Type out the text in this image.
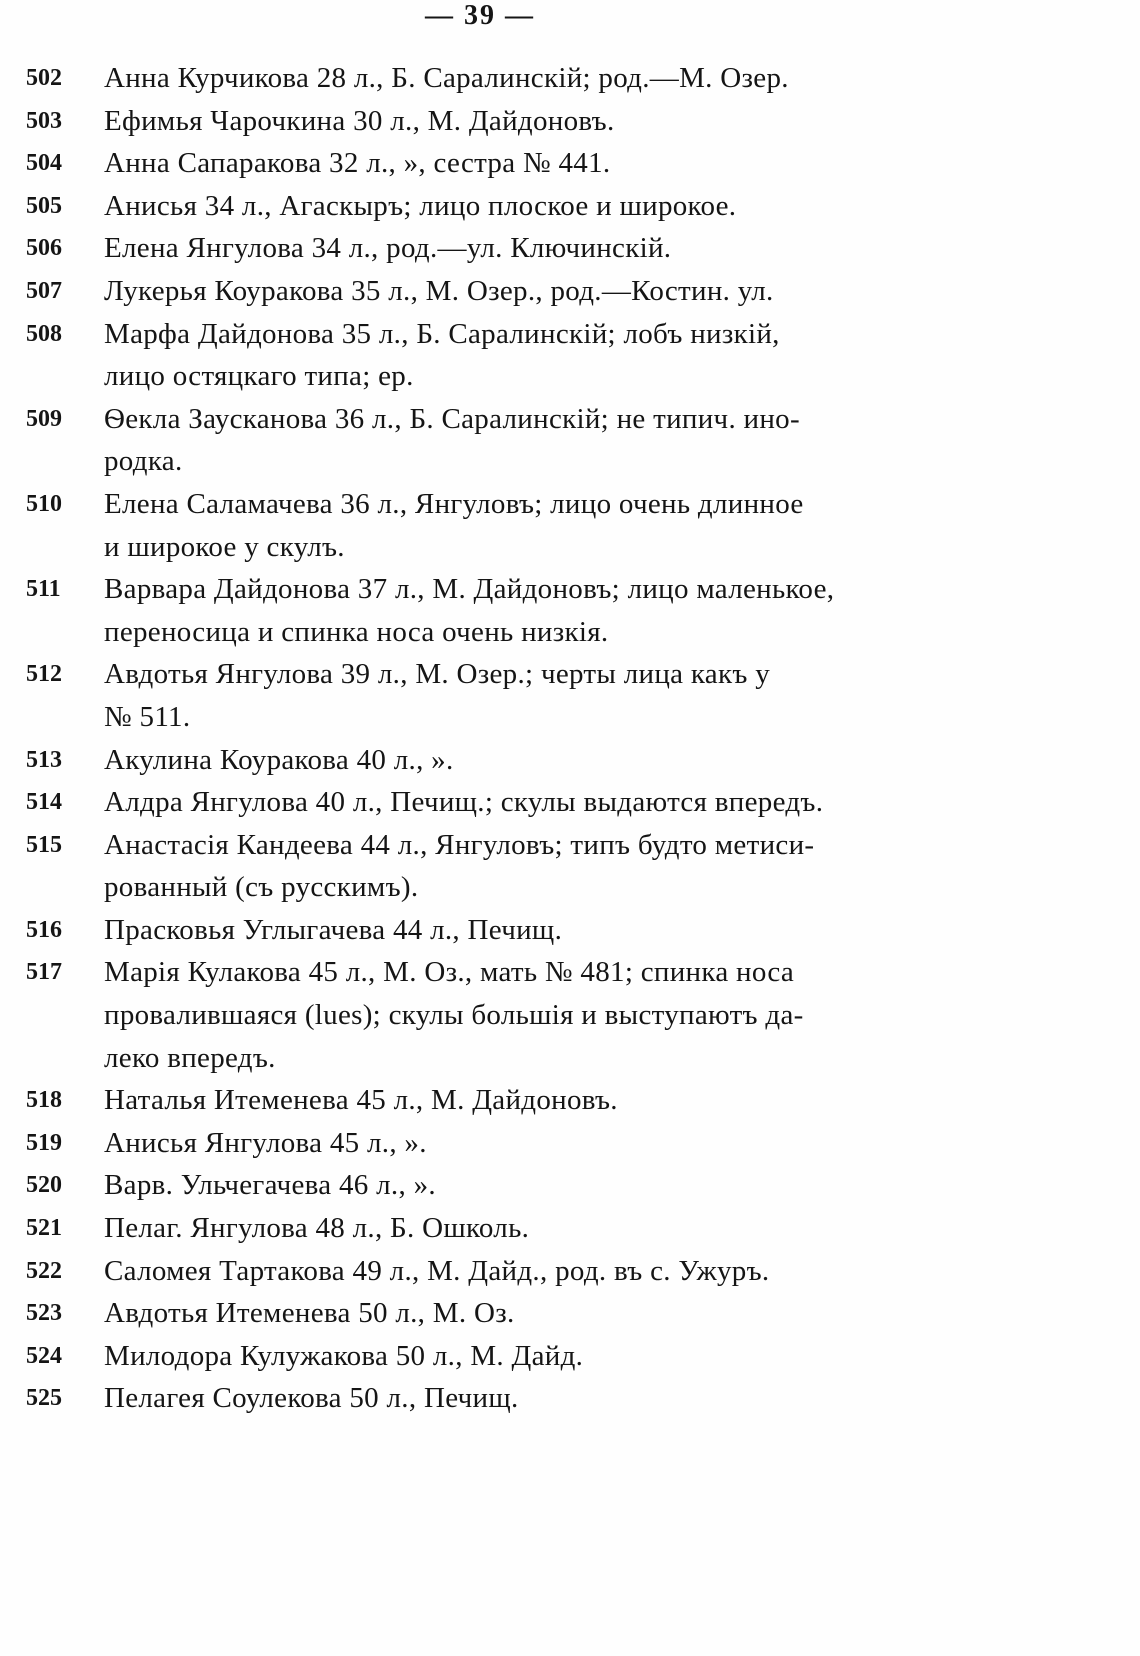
— 39 —
502	Анна Курчикова 28 л., Б. Саралинскій; род.—М. Озер.
503	Ефимья Чарочкина 30 л., М. Дайдоновъ.
504	Анна Сапаракова 32 л., », сестра № 441.
505	Анисья 34 л., Агаскыръ; лицо плоское и широкое.
506	Елена Янгулова 34 л., род.—ул. Ключинскій.
507	Лукерья Коуракова 35 л., М. Озер., род.—Костин. ул.
508	Марфа Дайдонова 35 л., Б. Саралинскій; лобъ низкій,
лицо остяцкаго типа; ер.
509	Ѳекла Заусканова 36 л., Б. Саралинскій; не типич. ино-
родка.
510	Елена Саламачева 36 л., Янгуловъ; лицо очень длинное
и широкое у скулъ.
511	Варвара Дайдонова 37 л., М. Дайдоновъ; лицо маленькое,
переносица и спинка носа очень низкія.
512	Авдотья Янгулова 39 л., М. Озер.; черты лица какъ у
№ 511.
513	Акулина Коуракова 40 л., ».
514	Алдра Янгулова 40 л., Печищ.; скулы выдаются впередъ.
515	Анастасія Кандеева 44 л., Янгуловъ; типъ будто метиси-
рованный (съ русскимъ).
516	Прасковья Углыгачева 44 л., Печищ.
517	Марія Кулакова 45 л., М. Оз., мать № 481; спинка носа
провалившаяся (lues); скулы большія и выступаютъ да-
леко впередъ.
518	Наталья Итеменева 45 л., М. Дайдоновъ.
519	Анисья Янгулова 45 л., ».
520	Варв. Ульчегачева 46 л., ».
521	Пелаг. Янгулова 48 л., Б. Ошколь.
522	Саломея Тартакова 49 л., М. Дайд., род. въ с. Ужуръ.
523	Авдотья Итеменева 50 л., М. Оз.
524	Милодора Кулужакова 50 л., М. Дайд.
525	Пелагея Соулекова 50 л., Печищ.
